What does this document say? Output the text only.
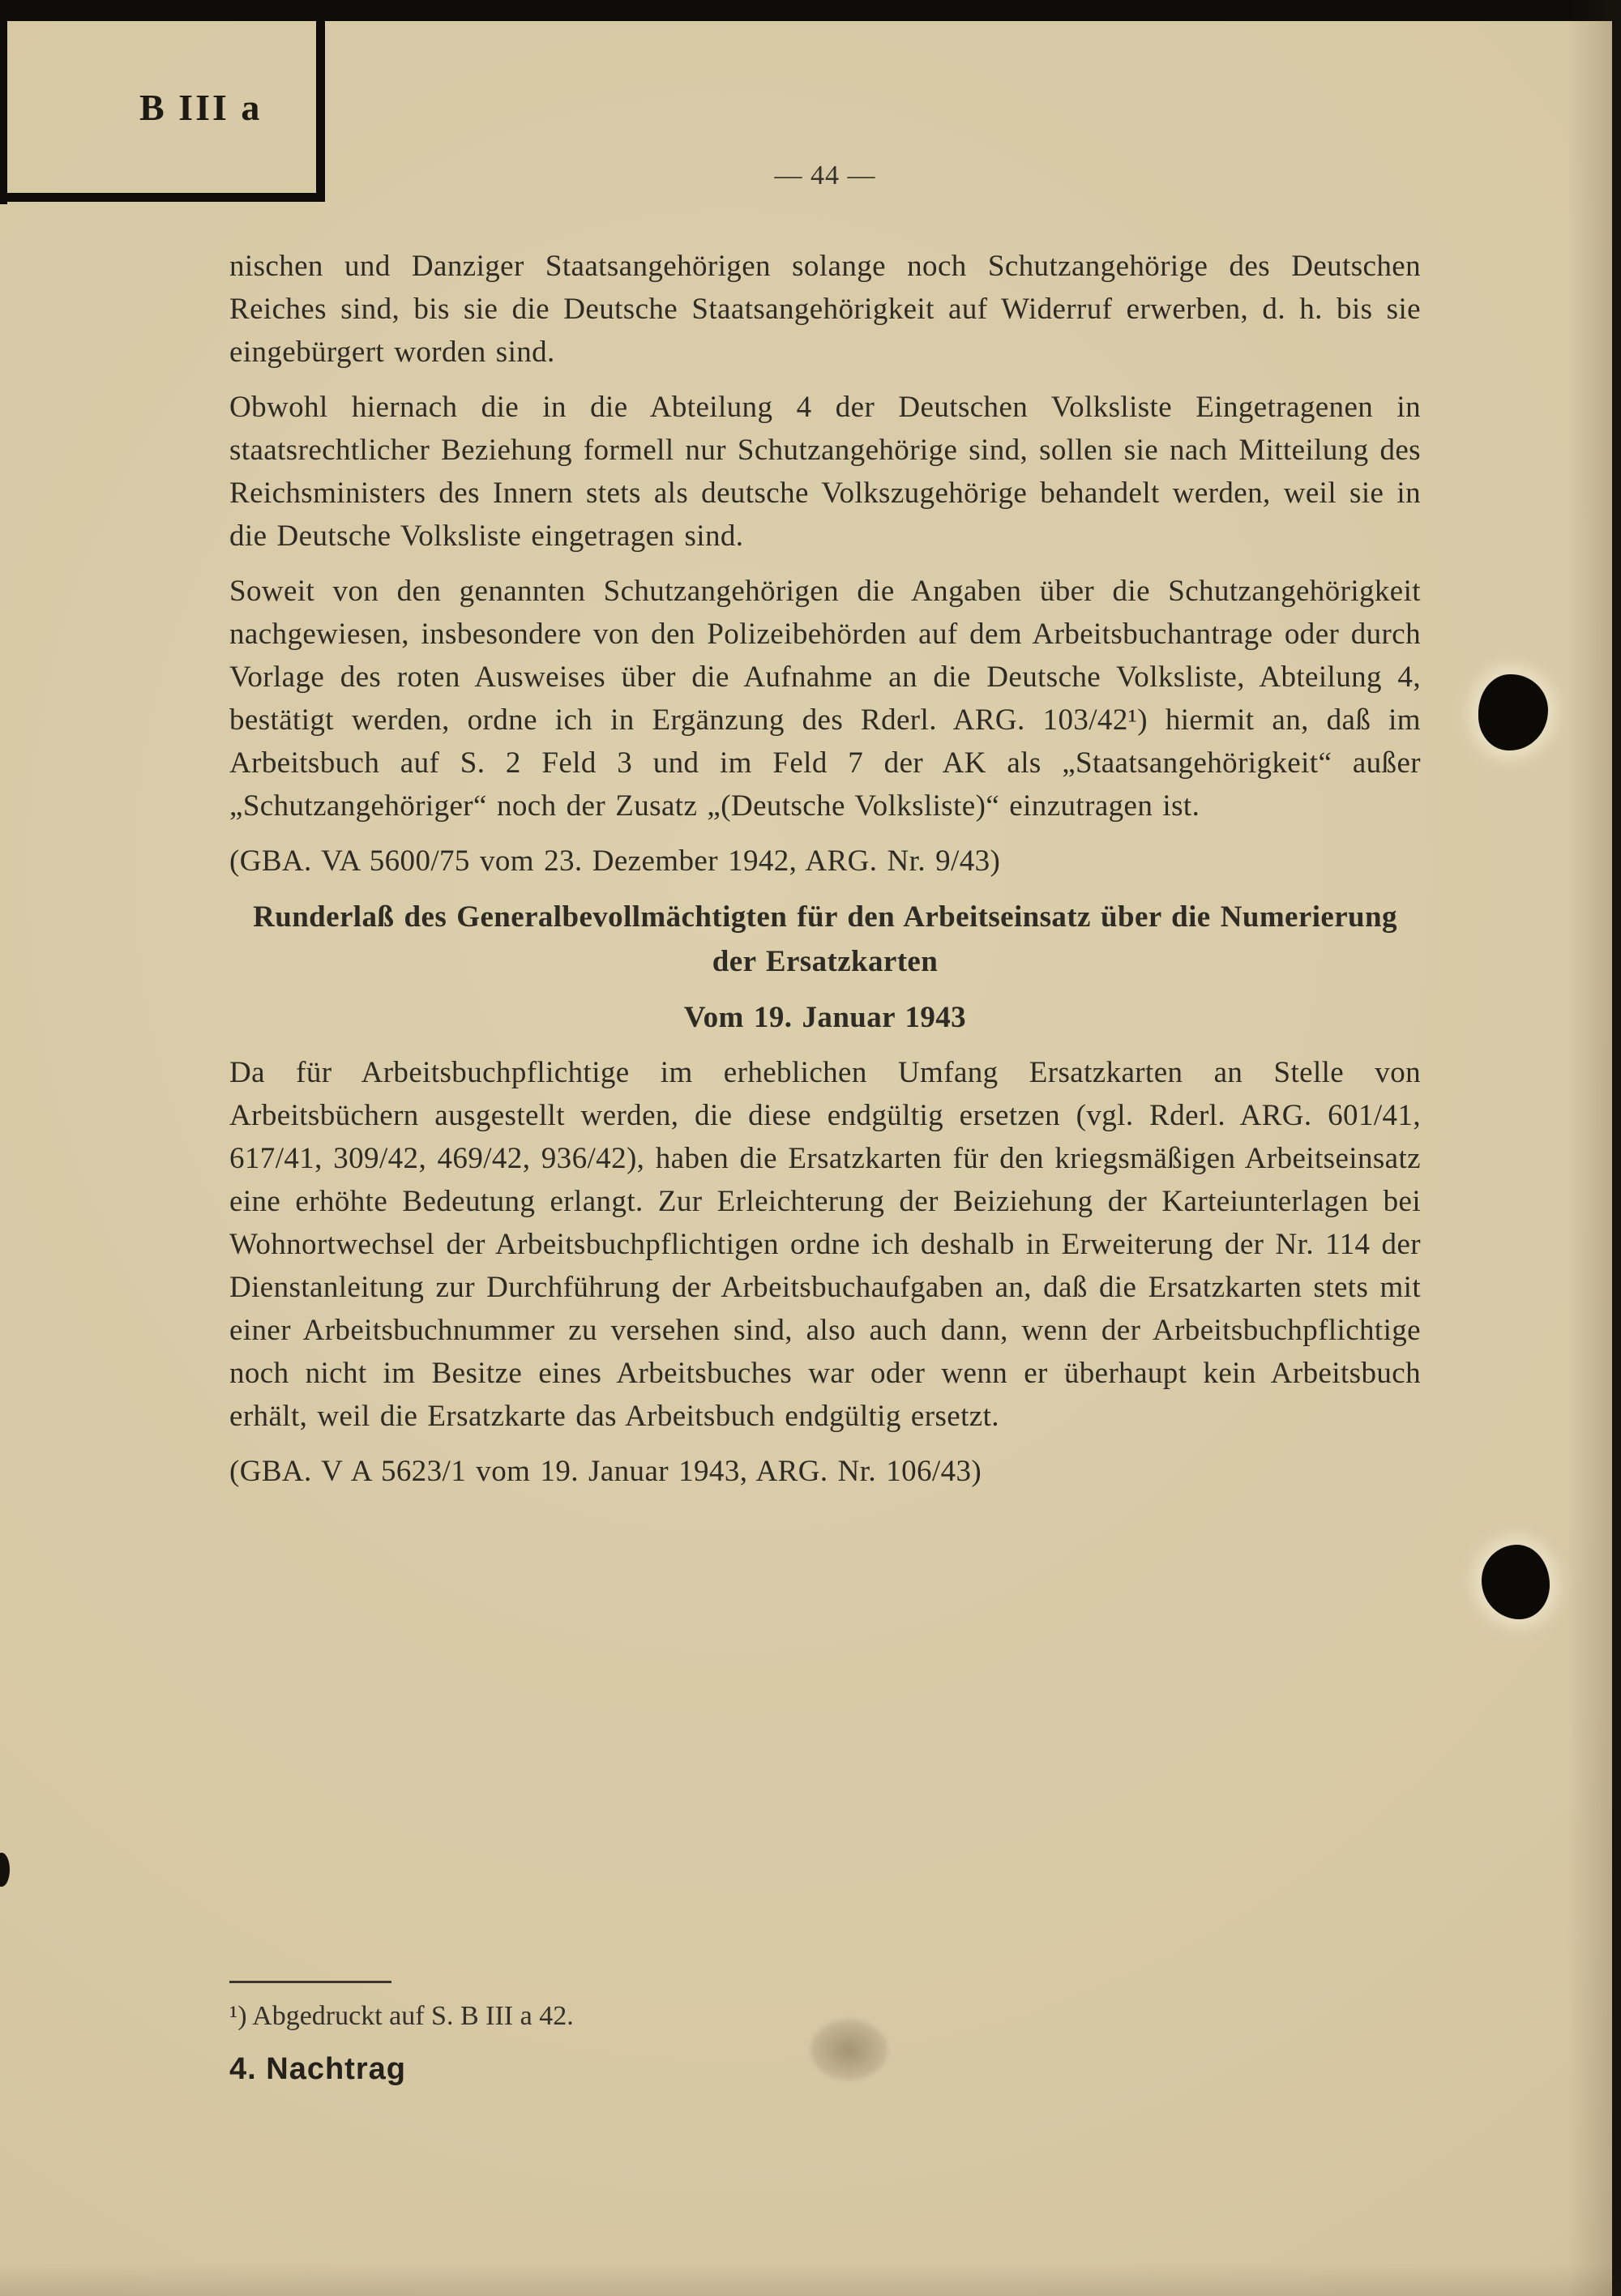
B III a
— 44 —

nischen und Danziger Staatsangehörigen solange noch Schutzangehörige des Deutschen Reiches sind, bis sie die Deutsche Staatsangehörigkeit auf Widerruf erwerben, d. h. bis sie eingebürgert worden sind.

Obwohl hiernach die in die Abteilung 4 der Deutschen Volksliste Eingetragenen in staatsrechtlicher Beziehung formell nur Schutzangehörige sind, sollen sie nach Mitteilung des Reichsministers des Innern stets als deutsche Volkszugehörige behandelt werden, weil sie in die Deutsche Volksliste eingetragen sind.

Soweit von den genannten Schutzangehörigen die Angaben über die Schutzangehörigkeit nachgewiesen, insbesondere von den Polizeibehörden auf dem Arbeitsbuchantrage oder durch Vorlage des roten Ausweises über die Aufnahme an die Deutsche Volksliste, Abteilung 4, bestätigt werden, ordne ich in Ergänzung des Rderl. ARG. 103/42¹) hiermit an, daß im Arbeitsbuch auf S. 2 Feld 3 und im Feld 7 der AK als „Staatsangehörigkeit“ außer „Schutzangehöriger“ noch der Zusatz „(Deutsche Volksliste)“ einzutragen ist.

(GBA. VA 5600/75 vom 23. Dezember 1942, ARG. Nr. 9/43)

Runderlaß des Generalbevollmächtigten für den Arbeitseinsatz über die Numerierung der Ersatzkarten

Vom 19. Januar 1943

Da für Arbeitsbuchpflichtige im erheblichen Umfang Ersatzkarten an Stelle von Arbeitsbüchern ausgestellt werden, die diese endgültig ersetzen (vgl. Rderl. ARG. 601/41, 617/41, 309/42, 469/42, 936/42), haben die Ersatzkarten für den kriegsmäßigen Arbeitseinsatz eine erhöhte Bedeutung erlangt. Zur Erleichterung der Beiziehung der Karteiunterlagen bei Wohnortwechsel der Arbeitsbuchpflichtigen ordne ich deshalb in Erweiterung der Nr. 114 der Dienstanleitung zur Durchführung der Arbeitsbuchaufgaben an, daß die Ersatzkarten stets mit einer Arbeitsbuchnummer zu versehen sind, also auch dann, wenn der Arbeitsbuchpflichtige noch nicht im Besitze eines Arbeitsbuches war oder wenn er überhaupt kein Arbeitsbuch erhält, weil die Ersatzkarte das Arbeitsbuch endgültig ersetzt.

(GBA. V A 5623/1 vom 19. Januar 1943, ARG. Nr. 106/43)

¹) Abgedruckt auf S. B III a 42.
4. Nachtrag
